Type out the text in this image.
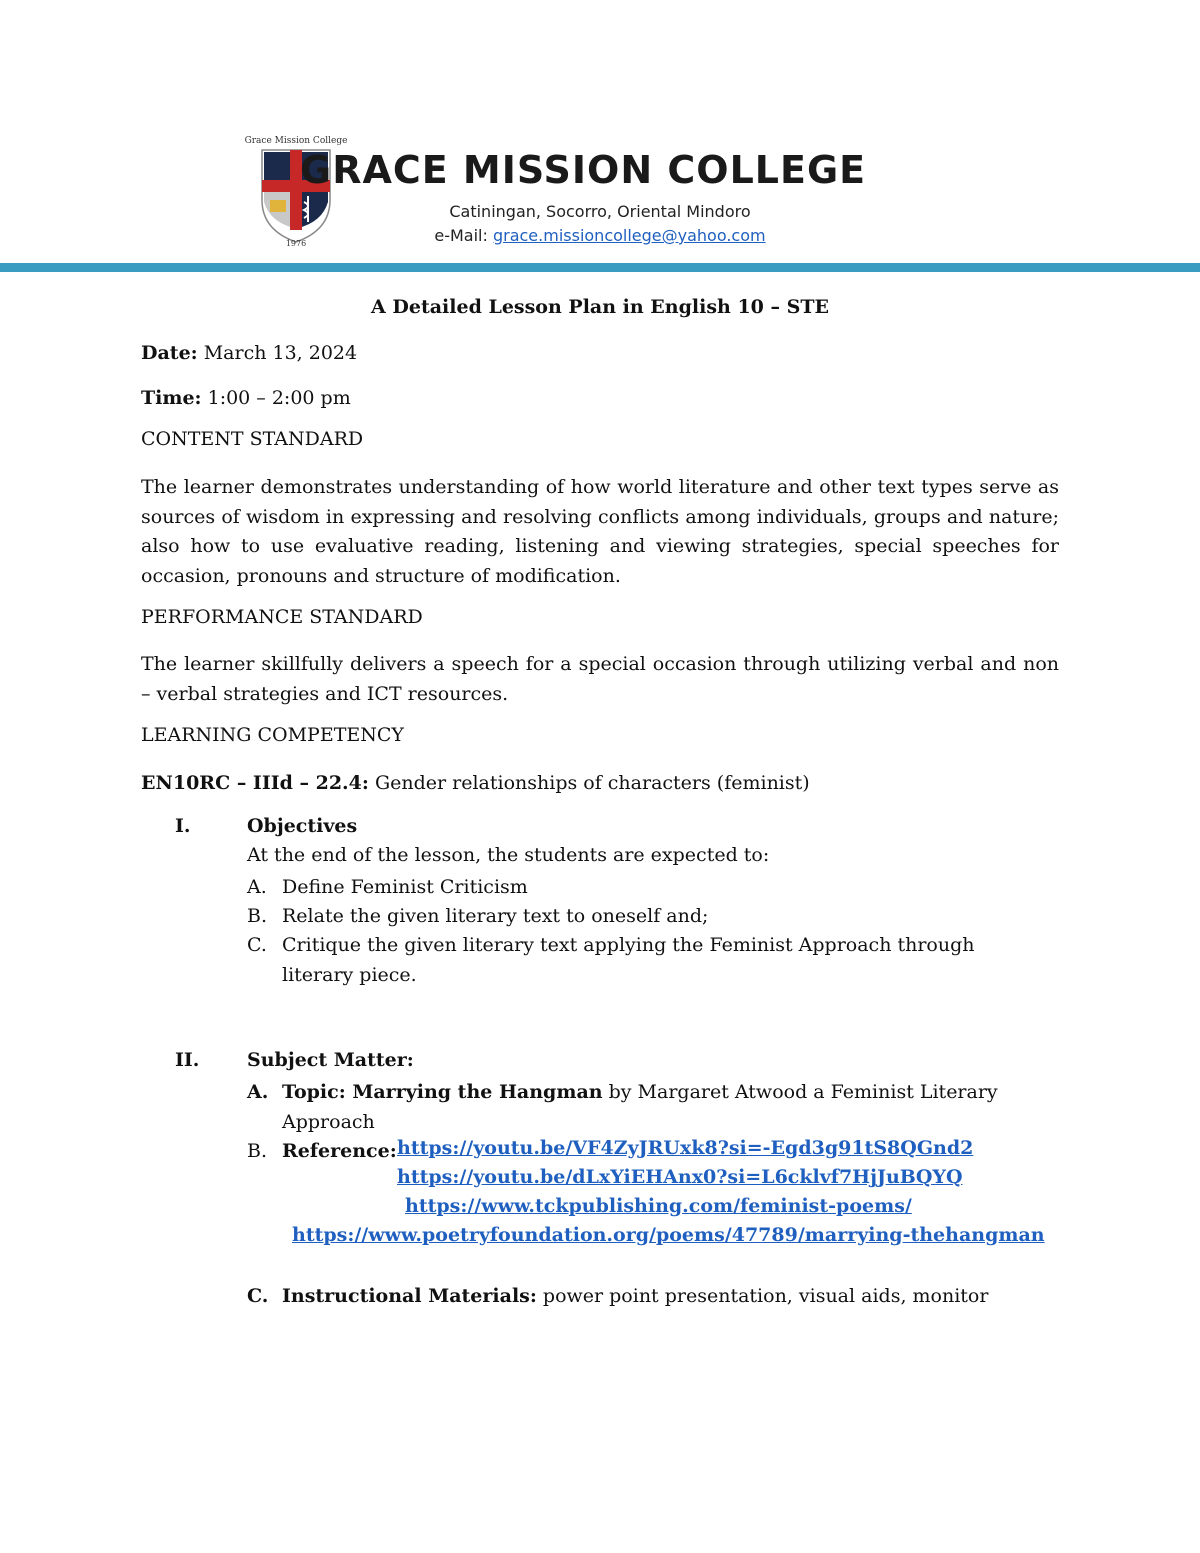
Grace Mission College
1976
GRACE MISSION COLLEGE
Catiningan, Socorro, Oriental Mindoro
e-Mail: grace.missioncollege@yahoo.com
A Detailed Lesson Plan in English 10 – STE
Date: March 13, 2024
Time: 1:00 – 2:00 pm
CONTENT STANDARD
The learner demonstrates understanding of how world literature and other text types serve as sources of wisdom in expressing and resolving conflicts among individuals, groups and nature; also how to use evaluative reading, listening and viewing strategies, special speeches for occasion, pronouns and structure of modification.
PERFORMANCE STANDARD
The learner skillfully delivers a speech for a special occasion through utilizing verbal and non – verbal strategies and ICT resources.
LEARNING COMPETENCY
EN10RC – IIId – 22.4: Gender relationships of characters (feminist)
I.	Objectives
At the end of the lesson, the students are expected to:
A. Define Feminist Criticism
B. Relate the given literary text to oneself and;
C. Critique the given literary text applying the Feminist Approach through literary piece.
II.	Subject Matter:
A. Topic: Marrying the Hangman by Margaret Atwood a Feminist Literary Approach
B. Reference: https://youtu.be/VF4ZyJRUxk8?si=-Egd3g91tS8QGnd2
https://youtu.be/dLxYiEHAnx0?si=L6cklvf7HjJuBQYQ
https://www.tckpublishing.com/feminist-poems/
https://www.poetryfoundation.org/poems/47789/marrying-thehangman
C. Instructional Materials: power point presentation, visual aids, monitor
